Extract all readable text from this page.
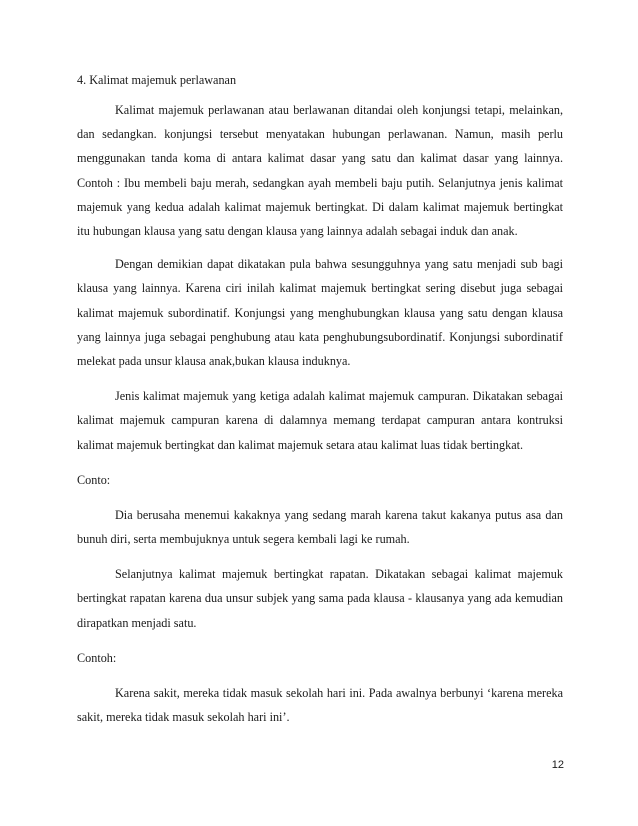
4. Kalimat majemuk perlawanan

Kalimat majemuk perlawanan atau berlawanan ditandai oleh konjungsi tetapi, melainkan, dan sedangkan. konjungsi tersebut menyatakan hubungan perlawanan. Namun, masih perlu menggunakan tanda koma di antara kalimat dasar yang satu dan kalimat dasar yang lainnya. Contoh : Ibu membeli baju merah, sedangkan ayah membeli baju putih. Selanjutnya jenis kalimat majemuk yang kedua adalah kalimat majemuk bertingkat. Di dalam kalimat majemuk bertingkat itu hubungan klausa yang satu dengan klausa yang lainnya adalah sebagai induk dan anak.

Dengan demikian dapat dikatakan pula bahwa sesungguhnya yang satu menjadi sub bagi klausa yang lainnya. Karena ciri inilah kalimat majemuk bertingkat sering disebut juga sebagai kalimat majemuk subordinatif. Konjungsi yang menghubungkan klausa yang satu dengan klausa yang lainnya juga sebagai penghubung atau kata penghubungsubordinatif. Konjungsi subordinatif melekat pada unsur klausa anak,bukan klausa induknya.

Jenis kalimat majemuk yang ketiga adalah kalimat majemuk campuran. Dikatakan sebagai kalimat majemuk campuran karena di dalamnya memang terdapat campuran antara kontruksi kalimat majemuk bertingkat dan kalimat majemuk setara atau kalimat luas tidak bertingkat.

Conto:

Dia berusaha menemui kakaknya yang sedang marah karena takut kakanya putus asa dan bunuh diri, serta membujuknya untuk segera kembali lagi ke rumah.

Selanjutnya kalimat majemuk bertingkat rapatan. Dikatakan sebagai kalimat majemuk bertingkat rapatan karena dua unsur subjek yang sama pada klausa - klausanya yang ada kemudian dirapatkan menjadi satu.

Contoh:

Karena sakit, mereka tidak masuk sekolah hari ini. Pada awalnya berbunyi ‘karena mereka sakit, mereka tidak masuk sekolah hari ini’.

12
